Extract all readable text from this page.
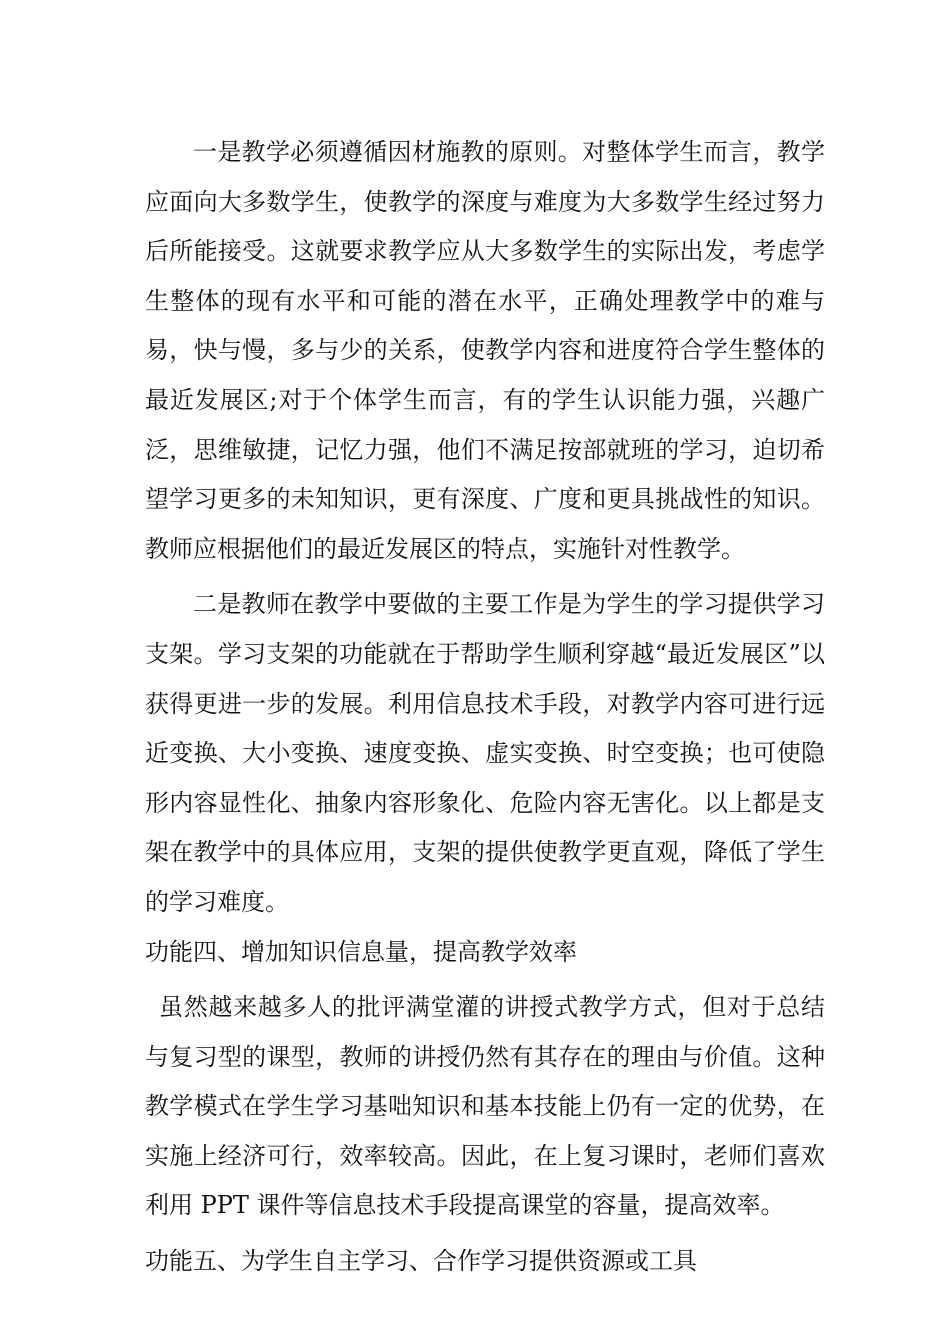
一是教学必须遵循因材施教的原则。对整体学生而言，教学应面向大多数学生，使教学的深度与难度为大多数学生经过努力后所能接受。这就要求教学应从大多数学生的实际出发，考虑学生整体的现有水平和可能的潜在水平，正确处理教学中的难与易，快与慢，多与少的关系，使教学内容和进度符合学生整体的最近发展区;对于个体学生而言，有的学生认识能力强，兴趣广泛，思维敏捷，记忆力强，他们不满足按部就班的学习，迫切希望学习更多的未知知识，更有深度、广度和更具挑战性的知识。教师应根据他们的最近发展区的特点，实施针对性教学。

二是教师在教学中要做的主要工作是为学生的学习提供学习支架。学习支架的功能就在于帮助学生顺利穿越“最近发展区”以获得更进一步的发展。利用信息技术手段，对教学内容可进行远近变换、大小变换、速度变换、虚实变换、时空变换；也可使隐形内容显性化、抽象内容形象化、危险内容无害化。以上都是支架在教学中的具体应用，支架的提供使教学更直观，降低了学生的学习难度。

功能四、增加知识信息量，提高教学效率

虽然越来越多人的批评满堂灌的讲授式教学方式，但对于总结与复习型的课型，教师的讲授仍然有其存在的理由与价值。这种教学模式在学生学习基咄知识和基本技能上仍有一定的优势，在实施上经济可行，效率较高。因此，在上复习课时，老师们喜欢利用 PPT 课件等信息技术手段提高课堂的容量，提高效率。

功能五、为学生自主学习、合作学习提供资源或工具
